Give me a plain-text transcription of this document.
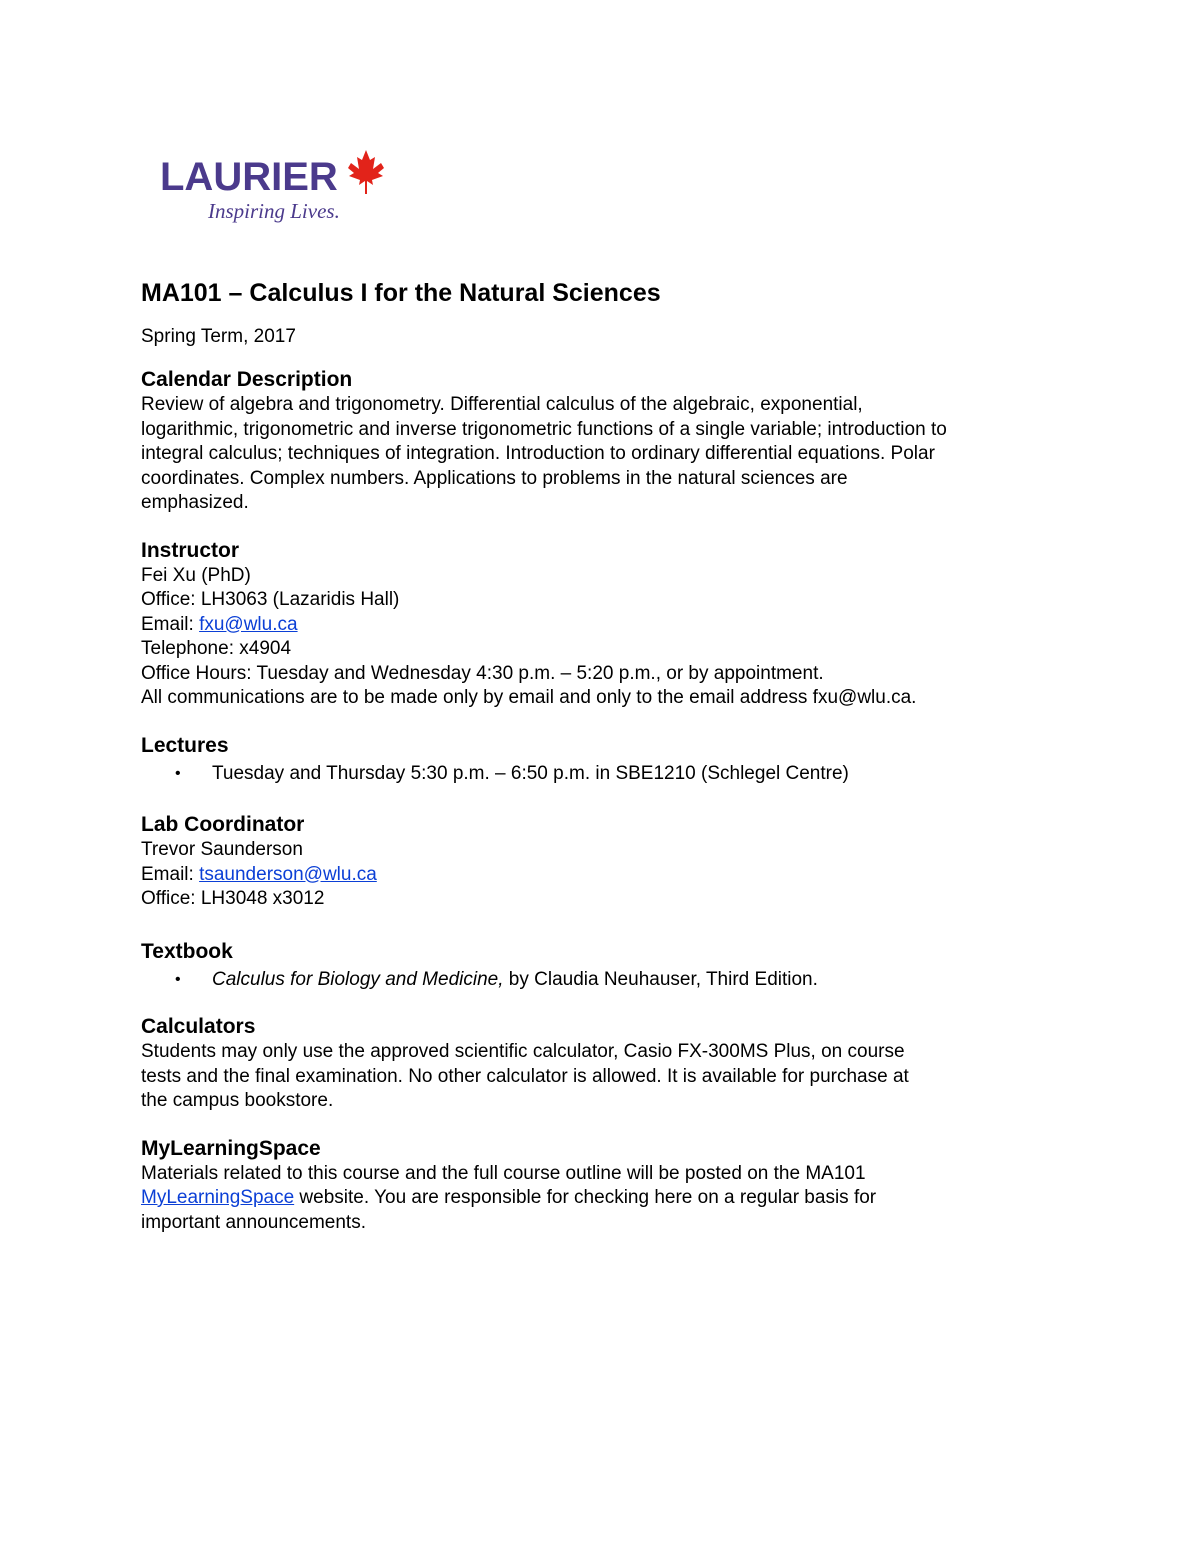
LAURIER
Inspiring Lives.
MA101 – Calculus I for the Natural Sciences

Spring Term, 2017

Calendar Description

Review of algebra and trigonometry. Differential calculus of the algebraic, exponential,
logarithmic, trigonometric and inverse trigonometric functions of a single variable; introduction to
integral calculus; techniques of integration. Introduction to ordinary differential equations. Polar
coordinates. Complex numbers. Applications to problems in the natural sciences are
emphasized.

Instructor

Fei Xu (PhD)
Office: LH3063 (Lazaridis Hall)
Email: fxu@wlu.ca
Telephone: x4904
Office Hours: Tuesday and Wednesday 4:30 p.m. – 5:20 p.m., or by appointment.
All communications are to be made only by email and only to the email address fxu@wlu.ca.

Lectures
• Tuesday and Thursday 5:30 p.m. – 6:50 p.m. in SBE1210 (Schlegel Centre)
Lab Coordinator

Trevor Saunderson
Email: tsaunderson@wlu.ca
Office: LH3048 x3012

Textbook
• Calculus for Biology and Medicine, by Claudia Neuhauser, Third Edition.
Calculators

Students may only use the approved scientific calculator, Casio FX-300MS Plus, on course
tests and the final examination. No other calculator is allowed. It is available for purchase at
the campus bookstore.

MyLearningSpace

Materials related to this course and the full course outline will be posted on the MA101
MyLearningSpace website. You are responsible for checking here on a regular basis for
important announcements.
